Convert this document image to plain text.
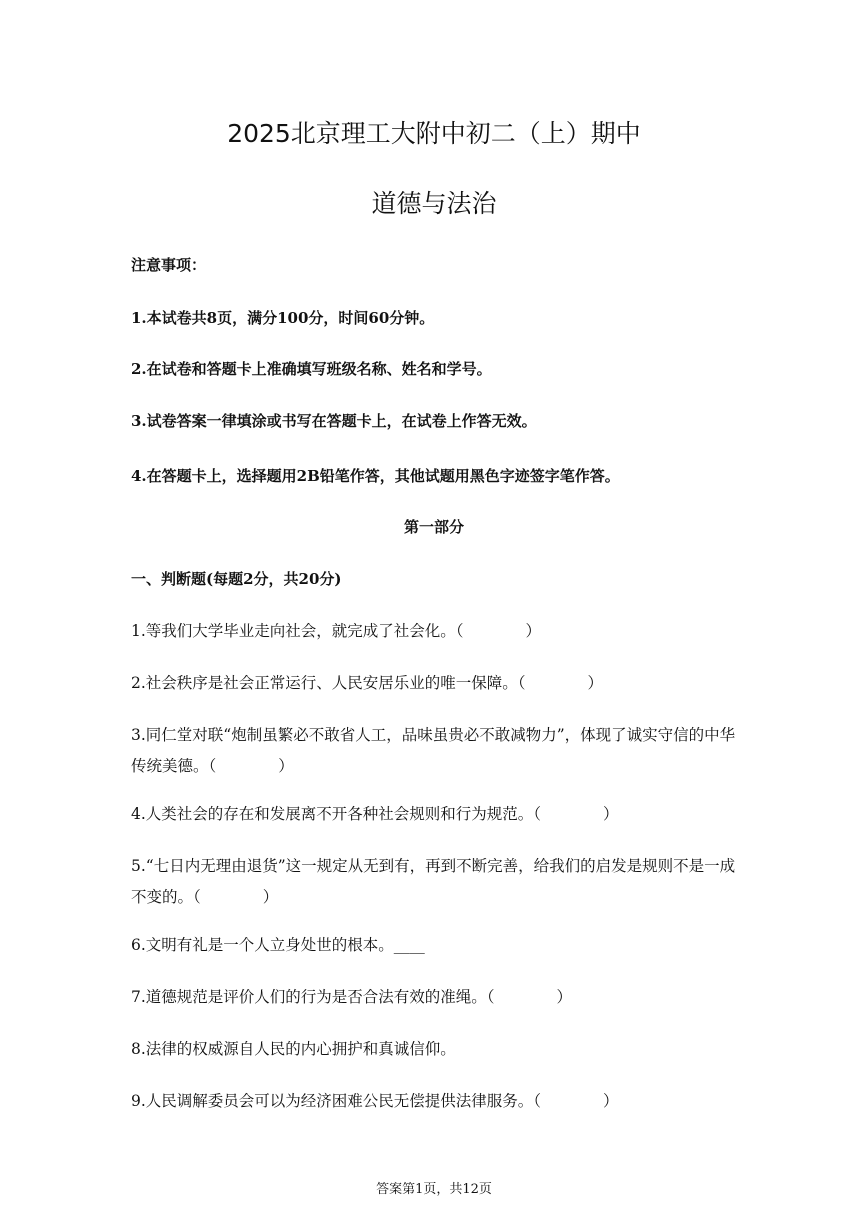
2025北京理工大附中初二（上）期中
道德与法治
注意事项：
1.本试卷共8页，满分100分，时间60分钟。
2.在试卷和答题卡上准确填写班级名称、姓名和学号。
3.试卷答案一律填涂或书写在答题卡上，在试卷上作答无效。
4.在答题卡上，选择题用2B铅笔作答，其他试题用黑色字迹签字笔作答。
第一部分
一、判断题(每题2分，共20分)
1.等我们大学毕业走向社会，就完成了社会化。（　　　　）
2.社会秩序是社会正常运行、人民安居乐业的唯一保障。（　　　　）
3.同仁堂对联“炮制虽繁必不敢省人工，品味虽贵必不敢减物力”，体现了诚实守信的中华传统美德。（　　　　）
4.人类社会的存在和发展离不开各种社会规则和行为规范。（　　　　）
5.“七日内无理由退货”这一规定从无到有，再到不断完善，给我们的启发是规则不是一成不变的。（　　　　）
6.文明有礼是一个人立身处世的根本。____
7.道德规范是评价人们的行为是否合法有效的准绳。（　　　　）
8.法律的权威源自人民的内心拥护和真诚信仰。
9.人民调解委员会可以为经济困难公民无偿提供法律服务。（　　　　）
答案第1页，共12页
